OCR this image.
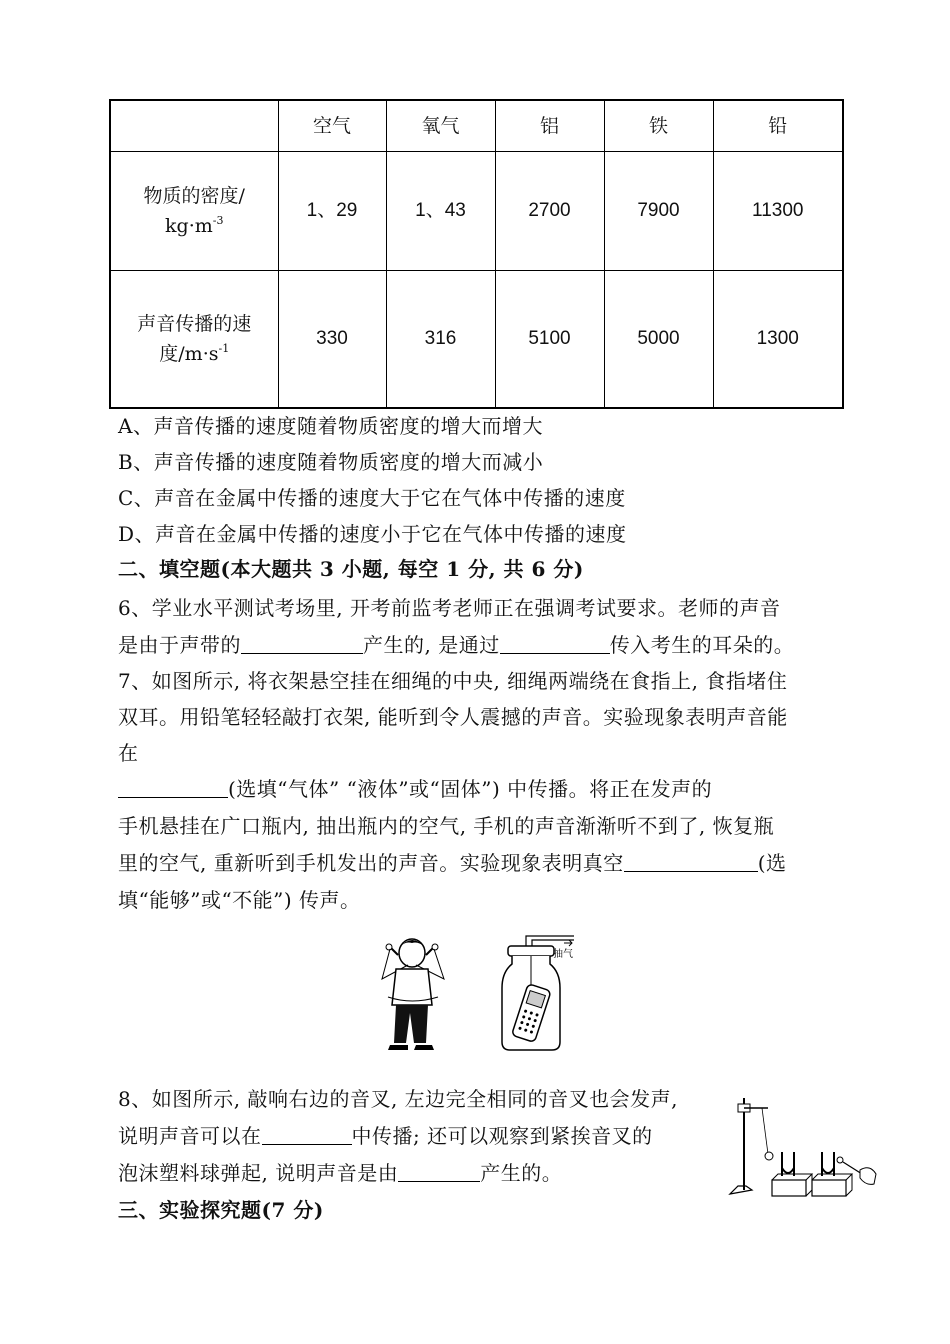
	空气	氧气	铝	铁	铅
物质的密度/
$kg\cdot m^{-3}$	1、29	1、43	2700	7900	11300
声音传播的速
度$/m\cdot s^{-1}$	330	316	5100	5000	1300
A、声音传播的速度随着物质密度的增大而增大
B、声音传播的速度随着物质密度的增大而减小
C、声音在金属中传播的速度大于它在气体中传播的速度
D、声音在金属中传播的速度小于它在气体中传播的速度
二、填空题(本大题共 3 小题, 每空 1 分, 共 6 分)
6、学业水平测试考场里, 开考前监考老师正在强调考试要求。老师的声音
是由于声带的	产生的, 是通过	传入考生的耳朵的。
7、如图所示, 将衣架悬空挂在细绳的中央, 细绳两端绕在食指上, 食指堵住
双耳。用铅笔轻轻敲打衣架, 能听到令人震撼的声音。实验现象表明声音能
在
(选填“气体” “液体”或“固体”) 中传播。将正在发声的
手机悬挂在广口瓶内, 抽出瓶内的空气, 手机的声音渐渐听不到了, 恢复瓶
里的空气, 重新听到手机发出的声音。实验现象表明真空	(选
填“能够”或“不能”) 传声。
抽气
8、如图所示, 敲响右边的音叉, 左边完全相同的音叉也会发声,
说明声音可以在	中传播; 还可以观察到紧挨音叉的
泡沫塑料球弹起, 说明声音是由	产生的。
三、实验探究题(7 分)
